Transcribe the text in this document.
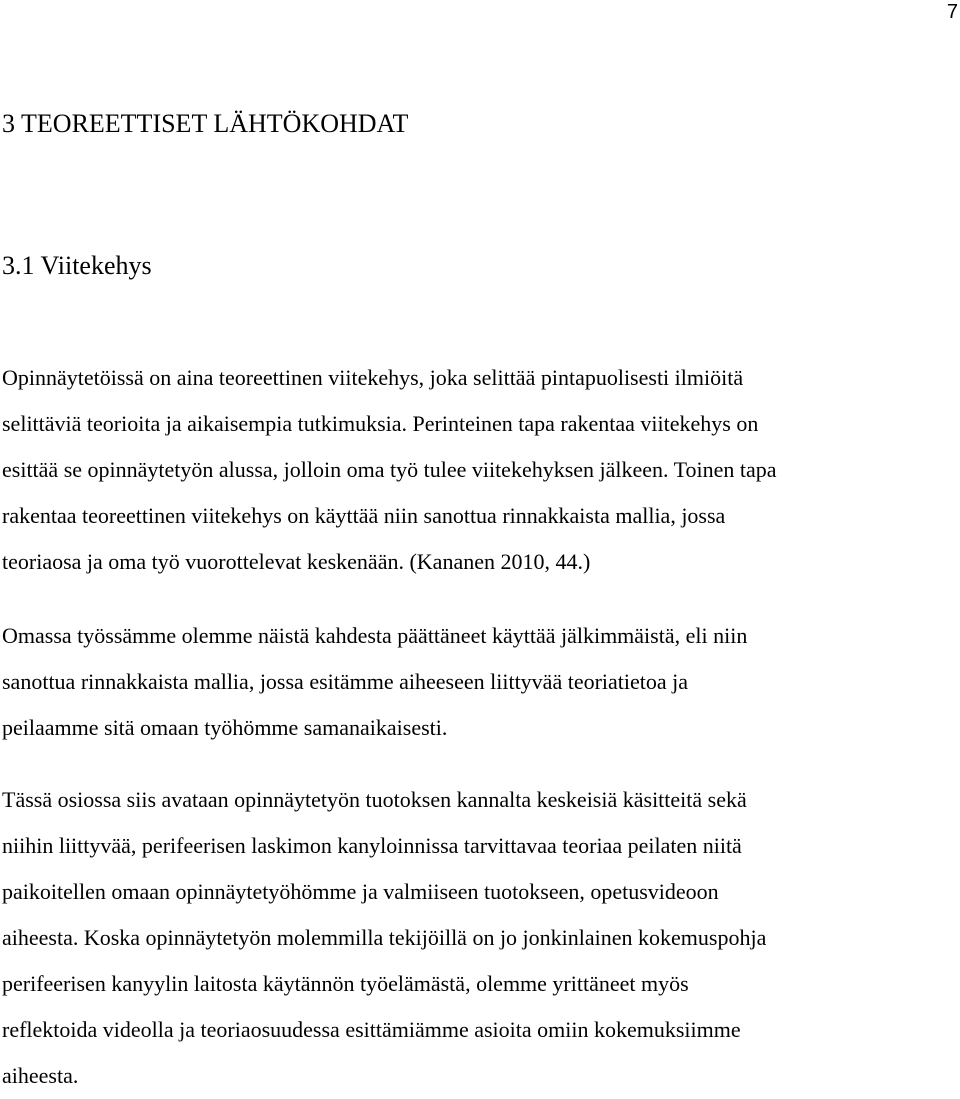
7
3 TEOREETTISET LÄHTÖKOHDAT
3.1 Viitekehys

Opinnäytetöissä on aina teoreettinen viitekehys, joka selittää pintapuolisesti ilmiöitä
selittäviä teorioita ja aikaisempia tutkimuksia. Perinteinen tapa rakentaa viitekehys on
esittää se opinnäytetyön alussa, jolloin oma työ tulee viitekehyksen jälkeen. Toinen tapa
rakentaa teoreettinen viitekehys on käyttää niin sanottua rinnakkaista mallia, jossa
teoriaosa ja oma työ vuorottelevat keskenään. (Kananen 2010, 44.)

Omassa työssämme olemme näistä kahdesta päättäneet käyttää jälkimmäistä, eli niin
sanottua rinnakkaista mallia, jossa esitämme aiheeseen liittyvää teoriatietoa ja
peilaamme sitä omaan työhömme samanaikaisesti.

Tässä osiossa siis avataan opinnäytetyön tuotoksen kannalta keskeisiä käsitteitä sekä
niihin liittyvää, perifeerisen laskimon kanyloinnissa tarvittavaa teoriaa peilaten niitä
paikoitellen omaan opinnäytetyöhömme ja valmiiseen tuotokseen, opetusvideoon
aiheesta. Koska opinnäytetyön molemmilla tekijöillä on jo jonkinlainen kokemuspohja
perifeerisen kanyylin laitosta käytännön työelämästä, olemme yrittäneet myös
reflektoida videolla ja teoriaosuudessa esittämiämme asioita omiin kokemuksiimme
aiheesta.
